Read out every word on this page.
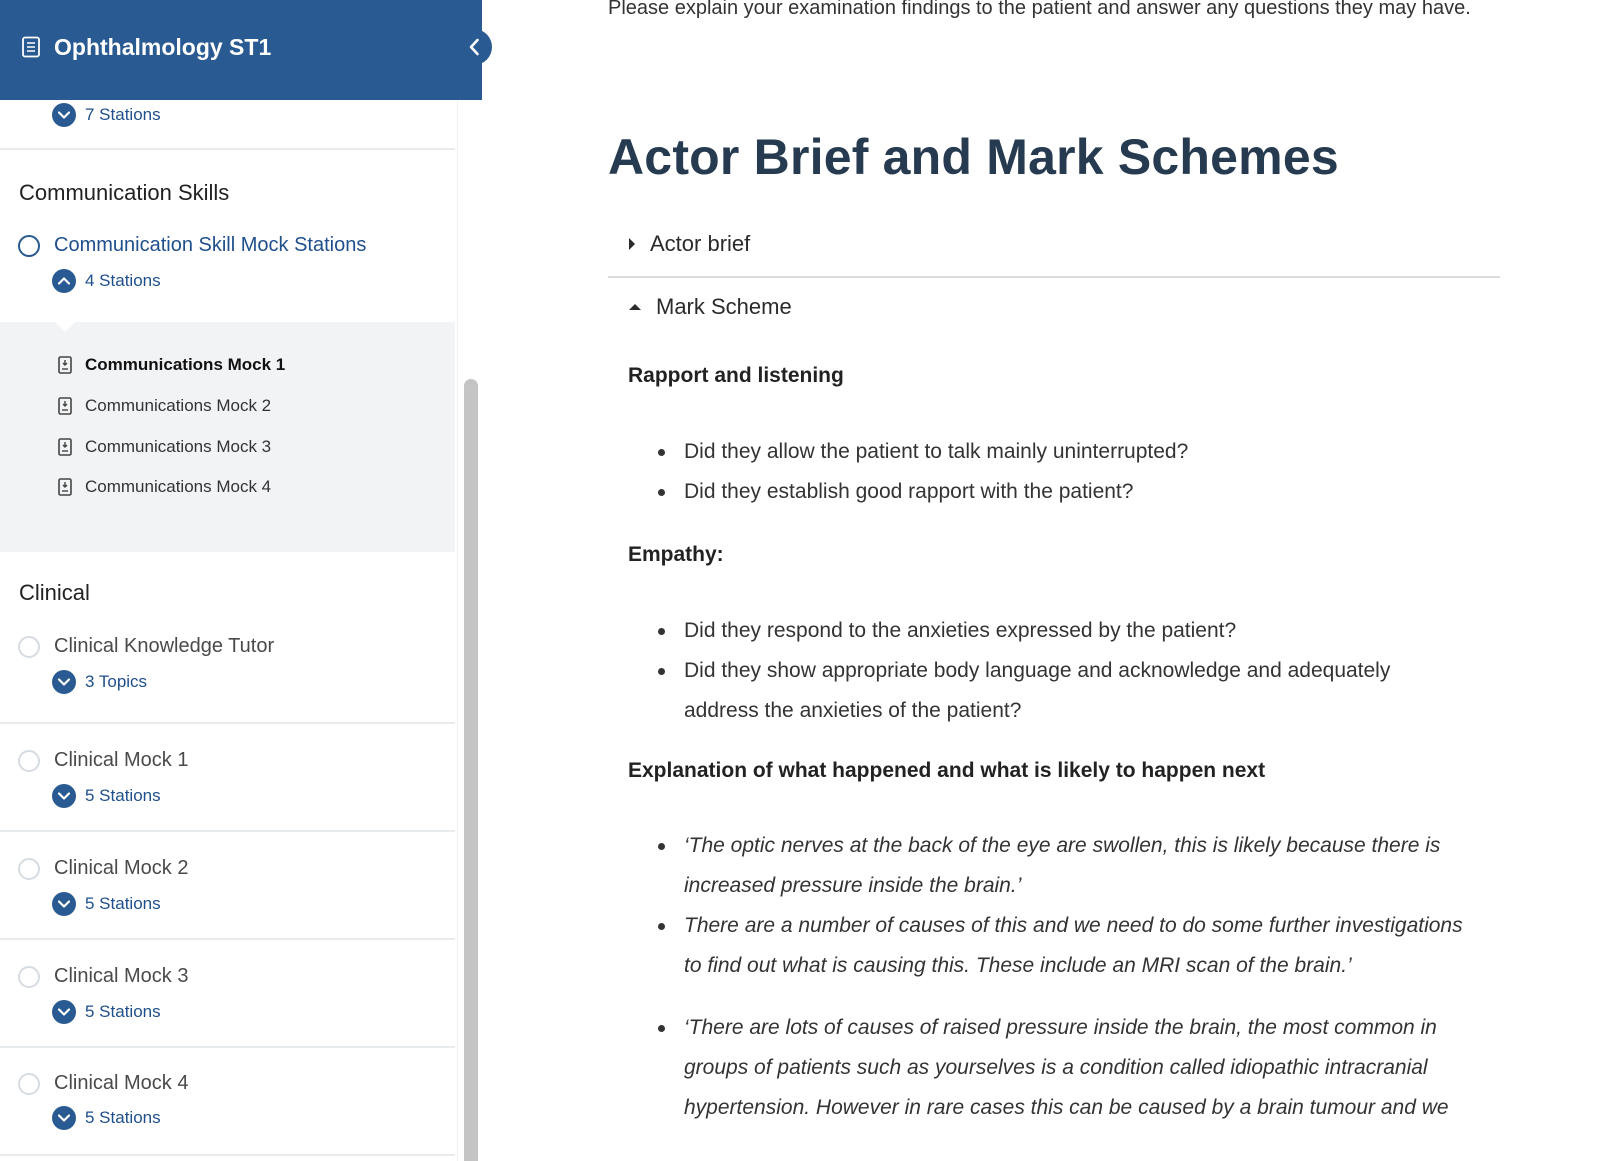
7 Stations
Communication Skills
Communication Skill Mock Stations
4 Stations
Communications Mock 1
Communications Mock 2
Communications Mock 3
Communications Mock 4
Clinical
Clinical Knowledge Tutor
3 Topics
Clinical Mock 1
5 Stations
Clinical Mock 2
5 Stations
Clinical Mock 3
5 Stations
Clinical Mock 4
5 Stations
Ophthalmology ST1

Please explain your examination findings to the patient and answer any questions they may have.

Actor Brief and Mark Schemes
Actor brief
Mark Scheme
Rapport and listening
Did they allow the patient to talk mainly uninterrupted?
Did they establish good rapport with the patient?
Empathy:
Did they respond to the anxieties expressed by the patient?
Did they show appropriate body language and acknowledge and adequately address the anxieties of the patient?
Explanation of what happened and what is likely to happen next
‘The optic nerves at the back of the eye are swollen, this is likely because there is increased pressure inside the brain.’
There are a number of causes of this and we need to do some further investigations to find out what is causing this. These include an MRI scan of the brain.’
‘There are lots of causes of raised pressure inside the brain, the most common in groups of patients such as yourselves is a condition called idiopathic intracranial hypertension. However in rare cases this can be caused by a brain tumour and we
